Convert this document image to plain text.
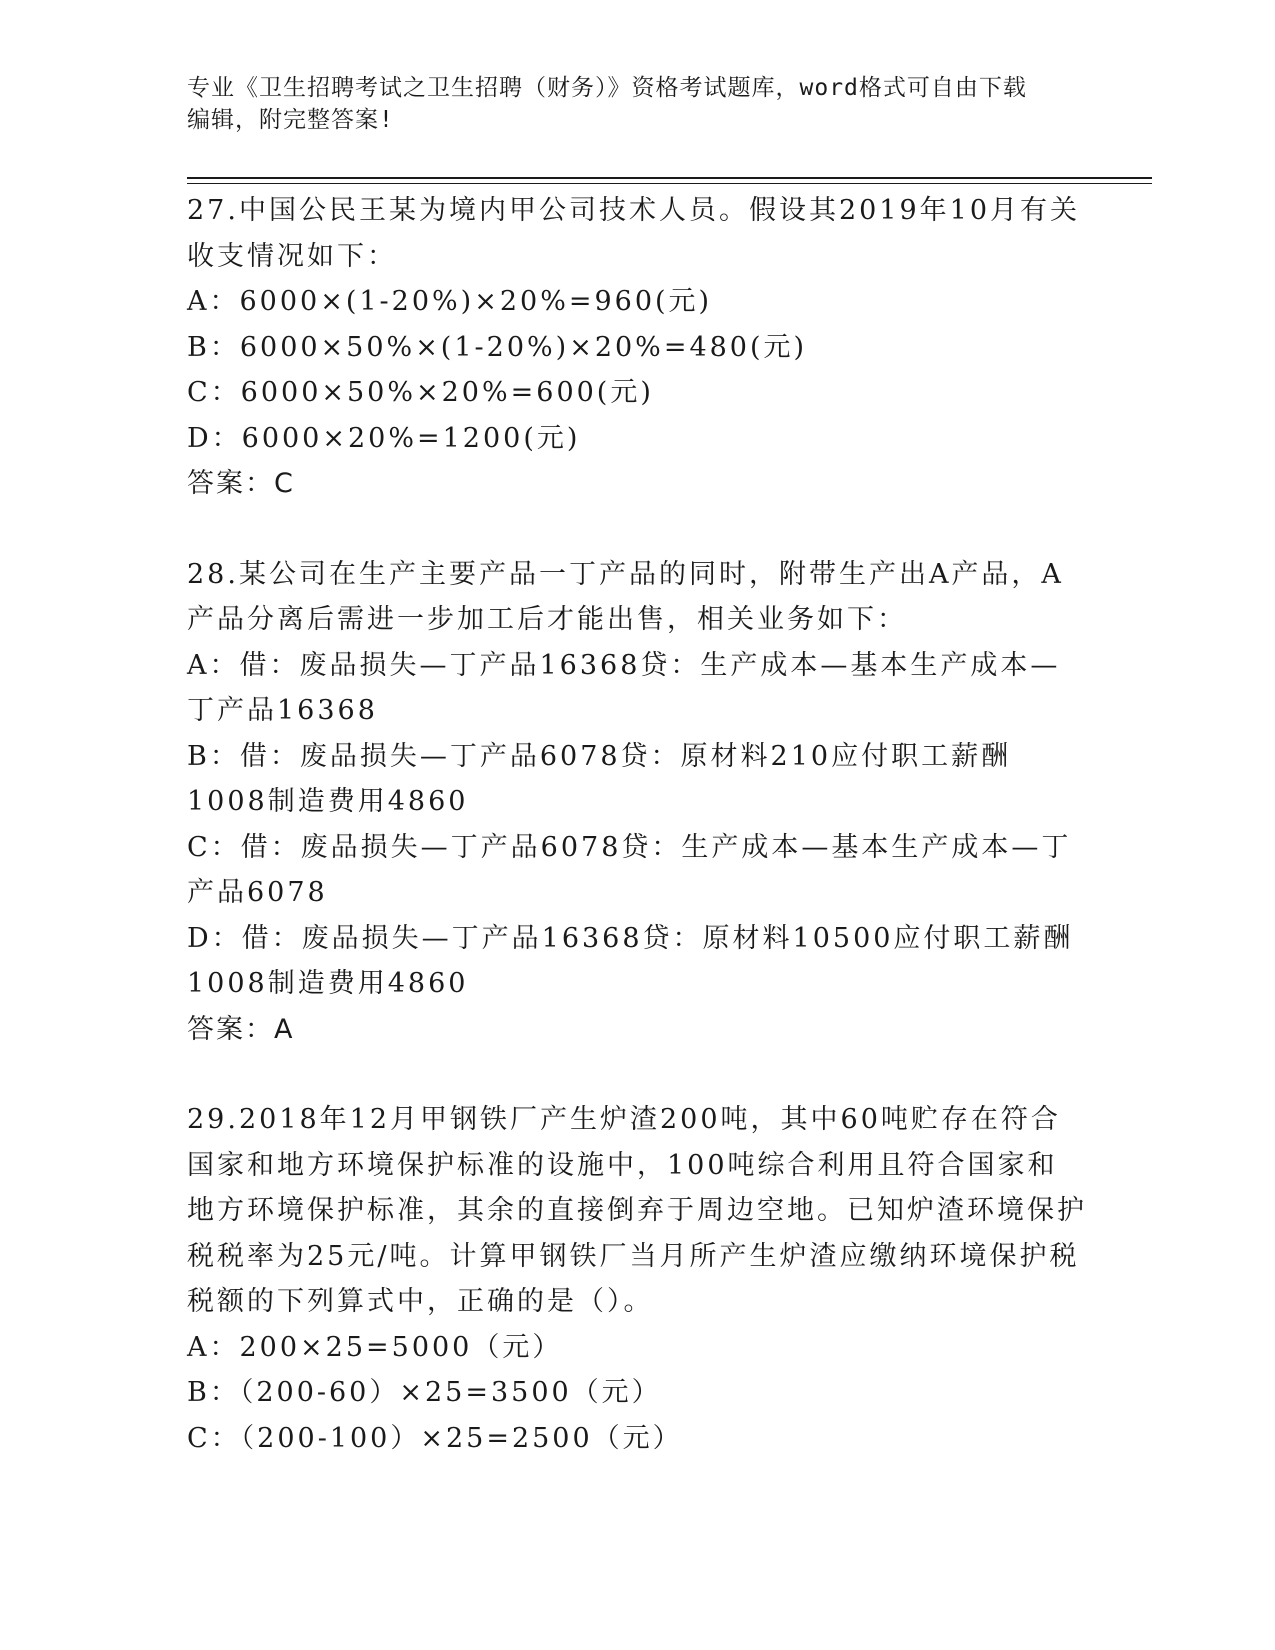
专业《卫生招聘考试之卫生招聘（财务）》资格考试题库，word格式可自由下载
编辑，附完整答案!

27.中国公民王某为境内甲公司技术人员。假设其2019年10月有关收支情况如下：

A：6000×(1-20%)×20%=960(元)

B：6000×50%×(1-20%)×20%=480(元)

C：6000×50%×20%=600(元)

D：6000×20%=1200(元)

答案：C

28.某公司在生产主要产品一丁产品的同时，附带生产出A产品，A产品分离后需进一步加工后才能出售，相关业务如下：

A：借：废品损失—丁产品16368贷：生产成本—基本生产成本—丁产品16368

B：借：废品损失—丁产品6078贷：原材料210应付职工薪酬1008制造费用4860

C：借：废品损失—丁产品6078贷：生产成本—基本生产成本—丁产品6078

D：借：废品损失—丁产品16368贷：原材料10500应付职工薪酬1008制造费用4860

答案：A

29.2018年12月甲钢铁厂产生炉渣200吨，其中60吨贮存在符合国家和地方环境保护标准的设施中，100吨综合利用且符合国家和地方环境保护标准，其余的直接倒弃于周边空地。已知炉渣环境保护税税率为25元/吨。计算甲钢铁厂当月所产生炉渣应缴纳环境保护税税额的下列算式中，正确的是（）。

A：200×25=5000（元）

B：（200-60）×25=3500（元）

C：（200-100）×25=2500（元）
